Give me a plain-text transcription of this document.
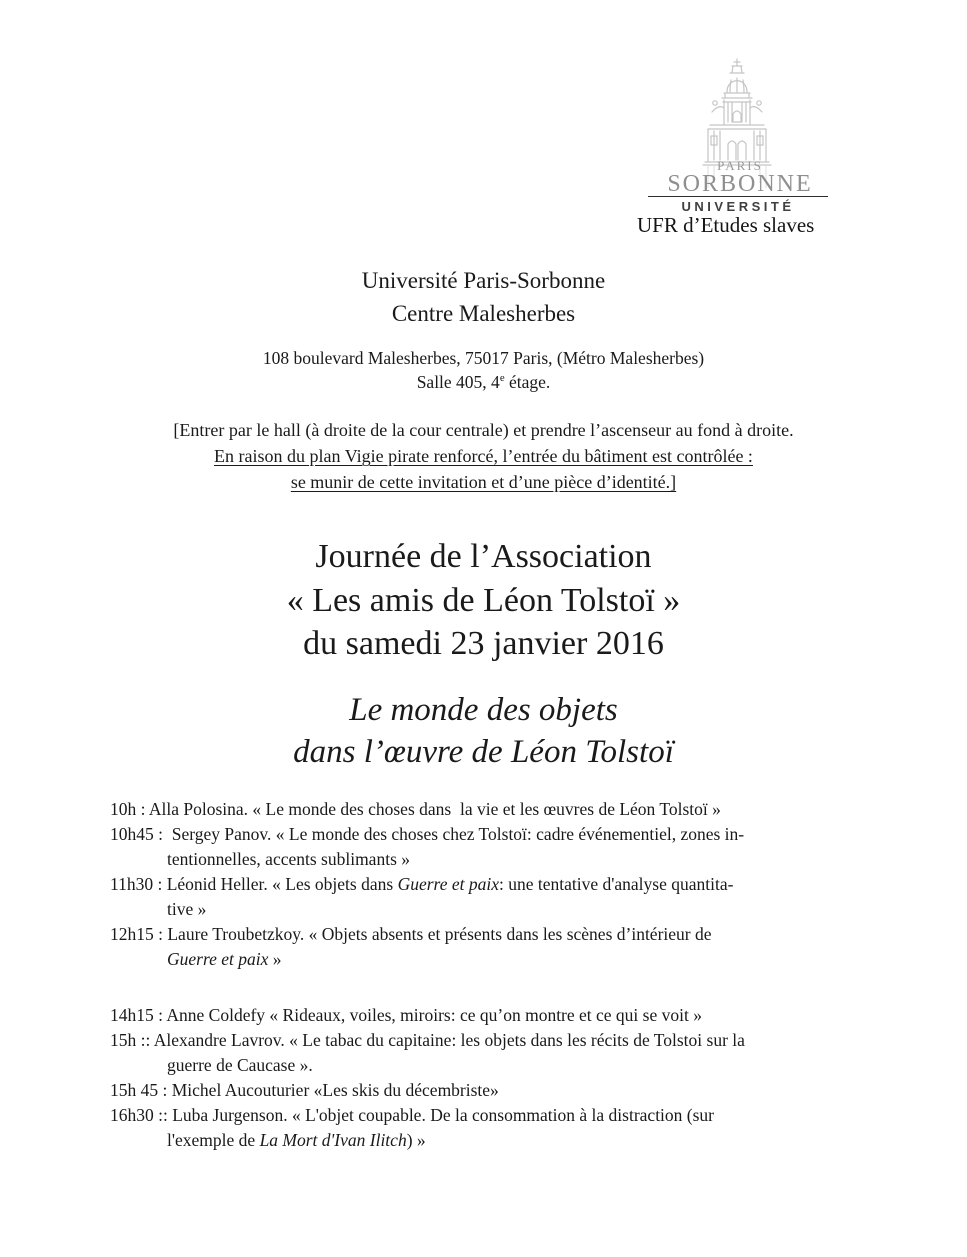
PARIS
SORBONNE
UNIVERSITÉ
UFR d’Etudes slaves
Université Paris-Sorbonne
Centre Malesherbes
108 boulevard Malesherbes, 75017 Paris, (Métro Malesherbes)
Salle 405, 4e étage.
[Entrer par le hall (à droite de la cour centrale) et prendre l’ascenseur au fond à droite.
En raison du plan Vigie pirate renforcé, l’entrée du bâtiment est contrôlée :
se munir de cette invitation et d’une pièce d’identité.]
Journée de l’Association
« Les amis de Léon Tolstoï »
du samedi 23 janvier 2016
Le monde des objets
dans l’œuvre de Léon Tolstoï
10h : Alla Polosina. « Le monde des choses dans  la vie et les œuvres de Léon Tolstoï »
10h45 :  Sergey Panov. « Le monde des choses chez Tolstoï: cadre événementiel, zones in-
tentionnelles, accents sublimants »
11h30 : Léonid Heller. « Les objets dans Guerre et paix: une tentative d'analyse quantita-
tive »
12h15 : Laure Troubetzkoy. « Objets absents et présents dans les scènes d’intérieur de
Guerre et paix »
14h15 : Anne Coldefy « Rideaux, voiles, miroirs: ce qu’on montre et ce qui se voit »
15h :: Alexandre Lavrov. « Le tabac du capitaine: les objets dans les récits de Tolstoi sur la
guerre de Caucase ».
15h 45 : Michel Aucouturier «Les skis du décembriste»
16h30 :: Luba Jurgenson. « L'objet coupable. De la consommation à la distraction (sur
l'exemple de La Mort d'Ivan Ilitch) »
